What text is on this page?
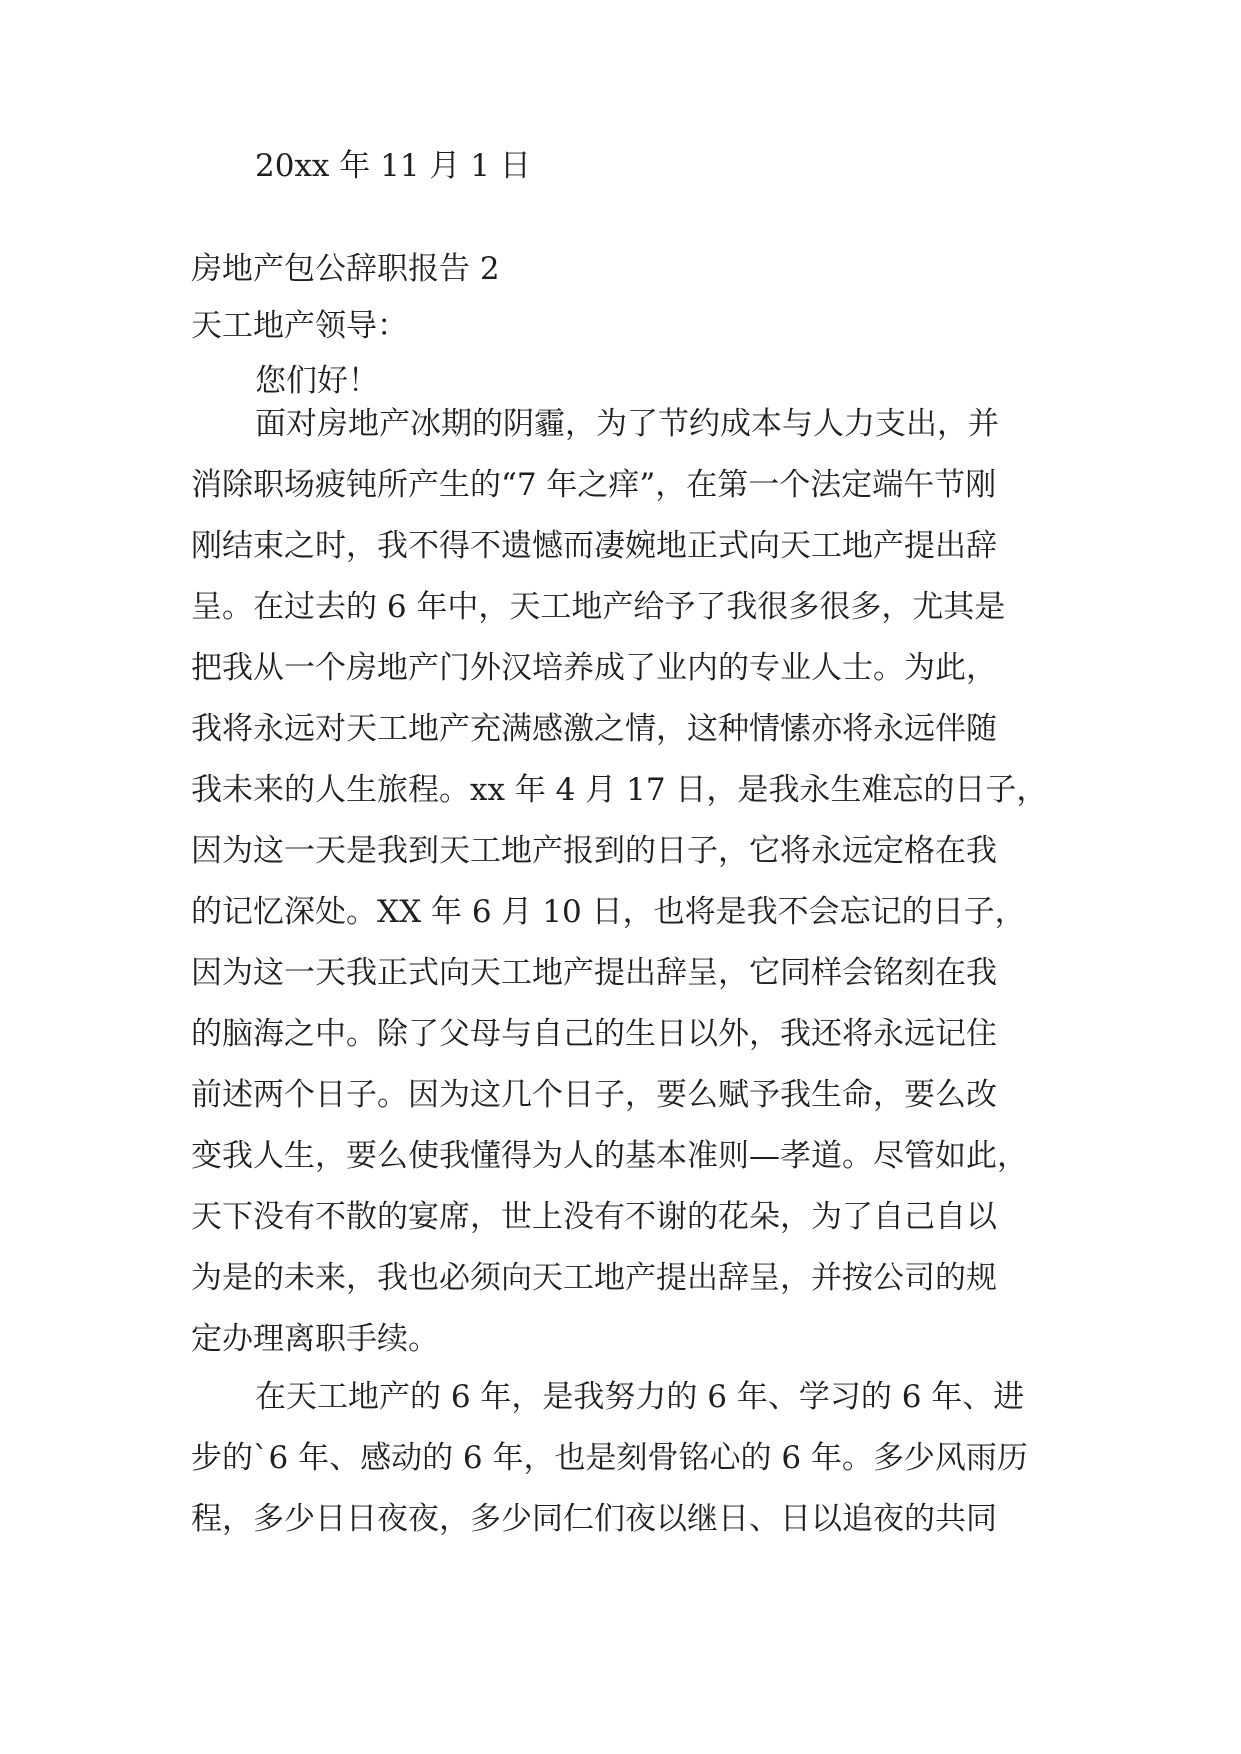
20xx 年 11 月 1 日
房地产包公辞职报告 2
天工地产领导：
您们好！
面对房地产冰期的阴霾，为了节约成本与人力支出，并
消除职场疲钝所产生的“7 年之痒”，在第一个法定端午节刚
刚结束之时，我不得不遗憾而凄婉地正式向天工地产提出辞
呈。在过去的 6 年中，天工地产给予了我很多很多，尤其是
把我从一个房地产门外汉培养成了业内的专业人士。为此，
我将永远对天工地产充满感激之情，这种情愫亦将永远伴随
我未来的人生旅程。xx 年 4 月 17 日，是我永生难忘的日子，
因为这一天是我到天工地产报到的日子，它将永远定格在我
的记忆深处。XX 年 6 月 10 日，也将是我不会忘记的日子，
因为这一天我正式向天工地产提出辞呈，它同样会铭刻在我
的脑海之中。除了父母与自己的生日以外，我还将永远记住
前述两个日子。因为这几个日子，要么赋予我生命，要么改
变我人生，要么使我懂得为人的基本准则—孝道。尽管如此，
天下没有不散的宴席，世上没有不谢的花朵，为了自己自以
为是的未来，我也必须向天工地产提出辞呈，并按公司的规
定办理离职手续。
在天工地产的 6 年，是我努力的 6 年、学习的 6 年、进
步的`6 年、感动的 6 年，也是刻骨铭心的 6 年。多少风雨历
程，多少日日夜夜，多少同仁们夜以继日、日以追夜的共同
